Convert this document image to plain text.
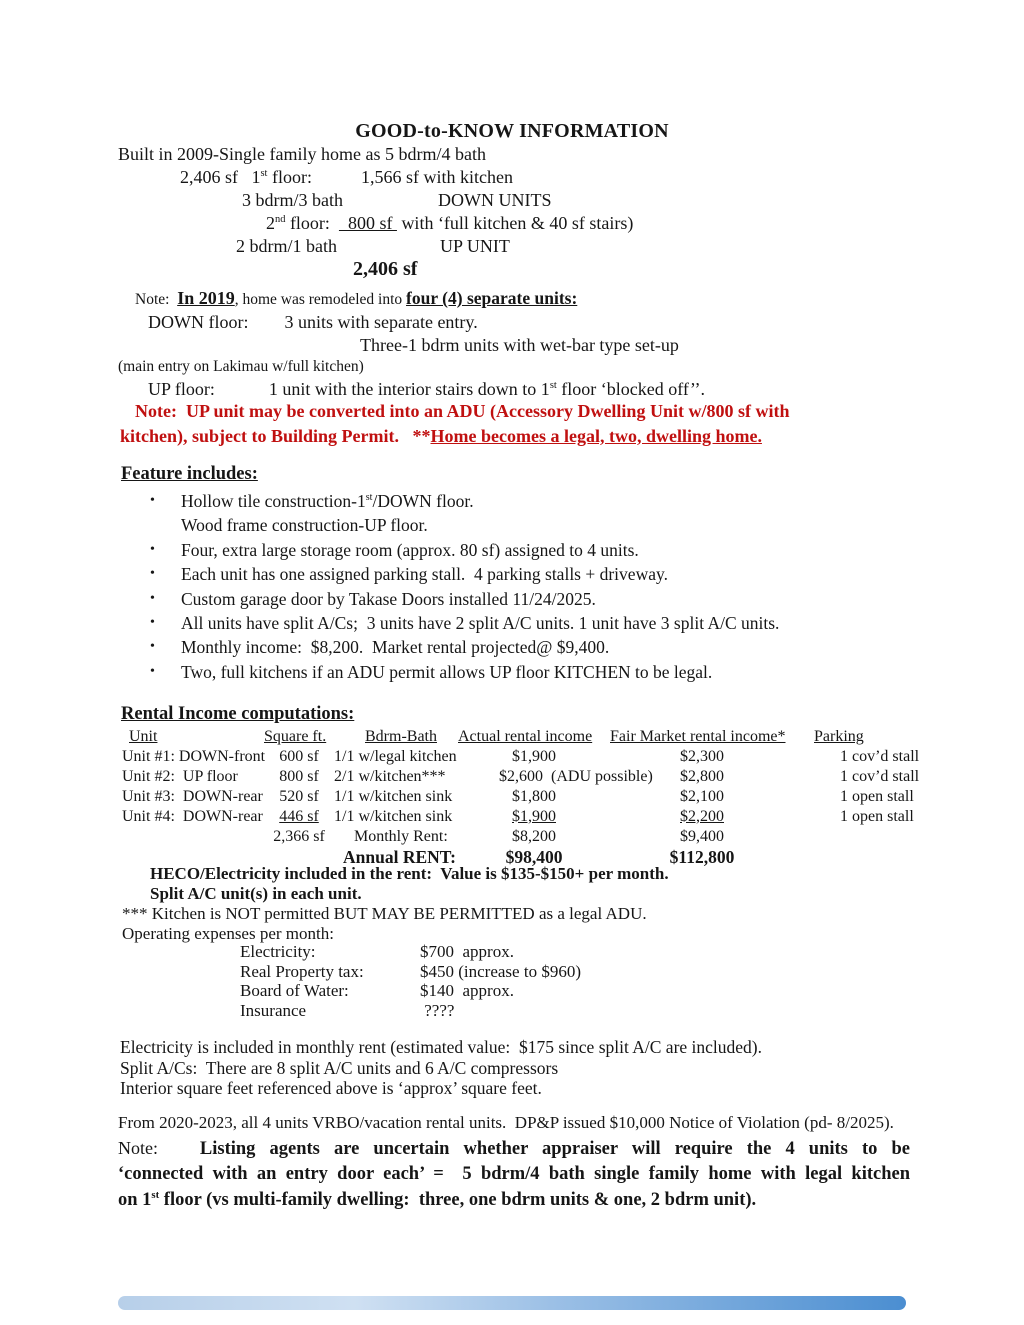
GOOD-to-KNOW INFORMATION
Built in 2009-Single family home as 5 bdrm/4 bath
2,406 sf   1st floor:	1,566 sf with kitchen
3 bdrm/3 bath	DOWN UNITS
2nd floor:    800 sf  with ‘full kitchen & 40 sf stairs)
2 bdrm/1 bath	UP UNIT
2,406 sf
Note:  In 2019, home was remodeled into four (4) separate units:
DOWN floor:        3 units with separate entry.
Three-1 bdrm units with wet-bar type set-up
(main entry on Lakimau w/full kitchen)
UP floor:            1 unit with the interior stairs down to 1st floor ‘blocked off’’.
Note:  UP unit may be converted into an ADU (Accessory Dwelling Unit w/800 sf with
kitchen), subject to Building Permit.   **Home becomes a legal, two, dwelling home.
Feature includes:
•	Hollow tile construction-1st/DOWN floor.
Wood frame construction-UP floor.
•	Four, extra large storage room (approx. 80 sf) assigned to 4 units.
•	Each unit has one assigned parking stall.  4 parking stalls + driveway.
•	Custom garage door by Takase Doors installed 11/24/2025.
•	All units have split A/Cs;  3 units have 2 split A/C units. 1 unit have 3 split A/C units.
•	Monthly income:  $8,200.  Market rental projected@ $9,400.
•	Two, full kitchens if an ADU permit allows UP floor KITCHEN to be legal.
Rental Income computations:
Unit	Square ft.	Bdrm-Bath	Actual rental income	Fair Market rental income*	Parking
Unit #1: DOWN-front 600 sf 1/1 w/legal kitchen	$1,900	$2,300	1 cov’d stall
Unit #2:  UP floor	800 sf 2/1 w/kitchen***	$2,600  (ADU possible)	$2,800	1 cov’d stall
Unit #3:  DOWN-rear	520 sf 1/1 w/kitchen sink	$1,800	$2,100	1 open stall
Unit #4:  DOWN-rear	446 sf 1/1 w/kitchen sink	$1,900	$2,200	1 open stall
2,366 sf	Monthly Rent:	$8,200	$9,400
Annual RENT:	$98,400	$112,800
HECO/Electricity included in the rent:  Value is $135-$150+ per month.
Split A/C unit(s) in each unit.
*** Kitchen is NOT permitted BUT MAY BE PERMITTED as a legal ADU.
Operating expenses per month:
Electricity:	$700  approx.
Real Property tax:	$450 (increase to $960)
Board of Water:	$140  approx.
Insurance	????
Electricity is included in monthly rent (estimated value:  $175 since split A/C are included).
Split A/Cs:  There are 8 split A/C units and 6 A/C compressors
Interior square feet referenced above is ‘approx’ square feet.
From 2020-2023, all 4 units VRBO/vacation rental units.  DP&P issued $10,000 Notice of Violation (pd- 8/2025).
Note:   Listing agents are uncertain whether appraiser will require the 4 units to be
‘connected with an entry door each’ =  5 bdrm/4 bath single family home with legal kitchen
on 1st floor (vs multi-family dwelling:  three, one bdrm units & one, 2 bdrm unit).
